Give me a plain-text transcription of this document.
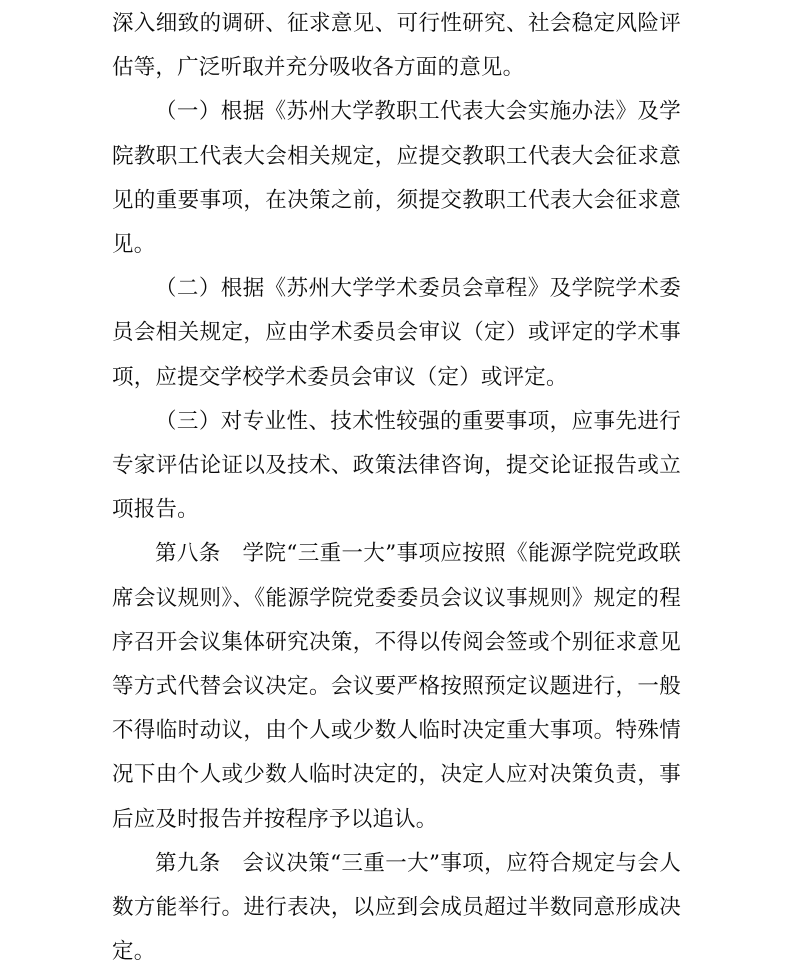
深入细致的调研、征求意见、可行性研究、社会稳定风险评估等，广泛听取并充分吸收各方面的意见。

（一）根据《苏州大学教职工代表大会实施办法》及学院教职工代表大会相关规定，应提交教职工代表大会征求意见的重要事项，在决策之前，须提交教职工代表大会征求意见。

（二）根据《苏州大学学术委员会章程》及学院学术委员会相关规定，应由学术委员会审议（定）或评定的学术事项，应提交学校学术委员会审议（定）或评定。

（三）对专业性、技术性较强的重要事项，应事先进行专家评估论证以及技术、政策法律咨询，提交论证报告或立项报告。

第八条　学院“三重一大”事项应按照《能源学院党政联席会议规则》、《能源学院党委委员会议议事规则》规定的程序召开会议集体研究决策，不得以传阅会签或个别征求意见等方式代替会议决定。会议要严格按照预定议题进行，一般不得临时动议，由个人或少数人临时决定重大事项。特殊情况下由个人或少数人临时决定的，决定人应对决策负责，事后应及时报告并按程序予以追认。

第九条　会议决策“三重一大”事项，应符合规定与会人数方能举行。进行表决，以应到会成员超过半数同意形成决定。
